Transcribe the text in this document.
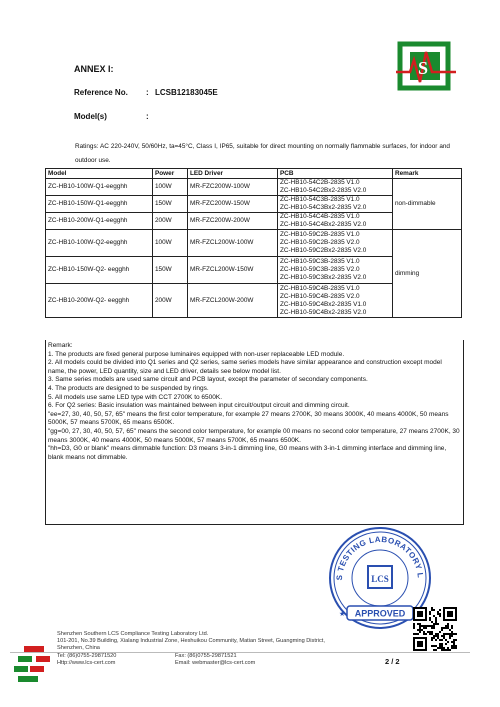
S
ANNEX I:
Reference No. : LCSB12183045E
Model(s)	:
Ratings: AC 220-240V, 50/60Hz, ta=45°C, Class I, IP65, suitable for direct mounting on normally flammable surfaces, for indoor and outdoor use.
Model	Power	LED Driver	PCB	Remark
ZC-HB10-100W-Q1-eegghh	100W	MR-FZC200W-100W	ZC-HB10-54C2B-2835 V1.0
ZC-HB10-54C2Bx2-2835 V2.0	non-dimmable
ZC-HB10-150W-Q1-eegghh	150W	MR-FZC200W-150W	ZC-HB10-54C3B-2835 V1.0
ZC-HB10-54C3Bx2-2835 V2.0	

ZC-HB10-200W-Q1-eegghh	200W	MR-FZC200W-200W	ZC-HB10-54C4B-2835 V1.0
ZC-HB10-54C4Bx2-2835 V2.0	

ZC-HB10-100W-Q2-eegghh	100W	MR-FZCL200W-100W	ZC-HB10-59C2B-2835 V1.0
ZC-HB10-59C2B-2835 V2.0
ZC-HB10-59C2Bx2-2835 V2.0	dimming
ZC-HB10-150W-Q2- eegghh	150W	MR-FZCL200W-150W	ZC-HB10-59C3B-2835 V1.0
ZC-HB10-59C3B-2835 V2.0
ZC-HB10-59C3Bx2-2835 V2.0	

ZC-HB10-200W-Q2- eegghh	200W	MR-FZCL200W-200W	ZC-HB10-59C4B-2835 V1.0
ZC-HB10-59C4B-2835 V2.0
ZC-HB10-59C4Bx2-2835 V1.0
ZC-HB10-59C4Bx2-2835 V2.0	

Remark:

1. The products are fixed general purpose luminaires equipped with non-user replaceable LED module.

2. All models could be divided into Q1 series and Q2 series, same series models have similar appearance and construction except model name, the power, LED quantity, size and LED driver, details see below model list.

3. Same series models are used same circuit and PCB layout, except the parameter of secondary components.

4. The products are designed to be suspended by rings.

5. All models use same LED type with CCT 2700K to 6500K.

6. For Q2 series: Basic insulation was maintained between input circuit/output circuit and dimming circuit.

"ee=27, 30, 40, 50, 57, 65" means the first color temperature, for example 27 means 2700K, 30 means 3000K, 40 means 4000K, 50 means 5000K, 57 means 5700K, 65 means 6500K.

"gg=00, 27, 30, 40, 50, 57, 65" means the second color temperature, for example 00 means no second color temperature, 27 means 2700K, 30 means 3000K, 40 means 4000K, 50 means 5000K, 57 means 5700K, 65 means 6500K.

"hh=D3, G0 or blank" means dimmable function: D3 means 3-in-1 dimming line, G0 means with 3-in-1 dimming interface and dimming line, blank means not dimmable.

S TESTING LABORATORY L
LCS
APPROVED
★
Shenzhen Southern LCS Compliance Testing Laboratory Ltd.
101-201, No.39 Building, Xialang Industrial Zone, Heshuikou Community, Matian Street, Guangming District,
Shenzhen, China
Tel: (86)0755-29871520	Fax: (86)0755-29871521
Http://www.lcs-cert.com	Email: webmaster@lcs-cert.com	2 / 2
